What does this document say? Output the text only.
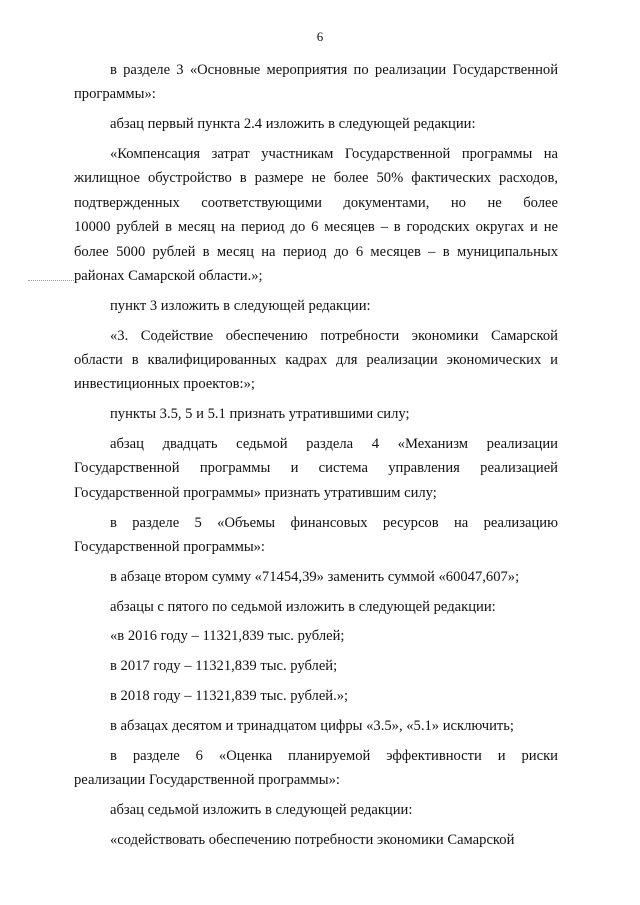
6
в разделе 3 «Основные мероприятия по реализации Государственной
программы»:
абзац первый пункта 2.4 изложить в следующей редакции:
«Компенсация затрат участникам Государственной программы на
жилищное обустройство в размере не более 50% фактических расходов,
подтвержденных соответствующими документами, но не более
10000 рублей в месяц на период до 6 месяцев – в городских округах и не
более 5000 рублей в месяц на период до 6 месяцев – в муниципальных
районах Самарской области.»;
пункт 3 изложить в следующей редакции:
«3. Содействие обеспечению потребности экономики Самарской
области в квалифицированных кадрах для реализации экономических и
инвестиционных проектов:»;
пункты 3.5, 5 и 5.1 признать утратившими силу;
абзац двадцать седьмой раздела 4 «Механизм реализации
Государственной программы и система управления реализацией
Государственной программы» признать утратившим силу;
в разделе 5 «Объемы финансовых ресурсов на реализацию
Государственной программы»:
в абзаце втором сумму «71454,39» заменить суммой «60047,607»;
абзацы с пятого по седьмой изложить в следующей редакции:
«в 2016 году – 11321,839 тыс. рублей;
в 2017 году – 11321,839 тыс. рублей;
в 2018 году – 11321,839 тыс. рублей.»;
в абзацах десятом и тринадцатом цифры «3.5», «5.1» исключить;
в разделе 6 «Оценка планируемой эффективности и риски
реализации Государственной программы»:
абзац седьмой изложить в следующей редакции:
«содействовать обеспечению потребности экономики Самарской
